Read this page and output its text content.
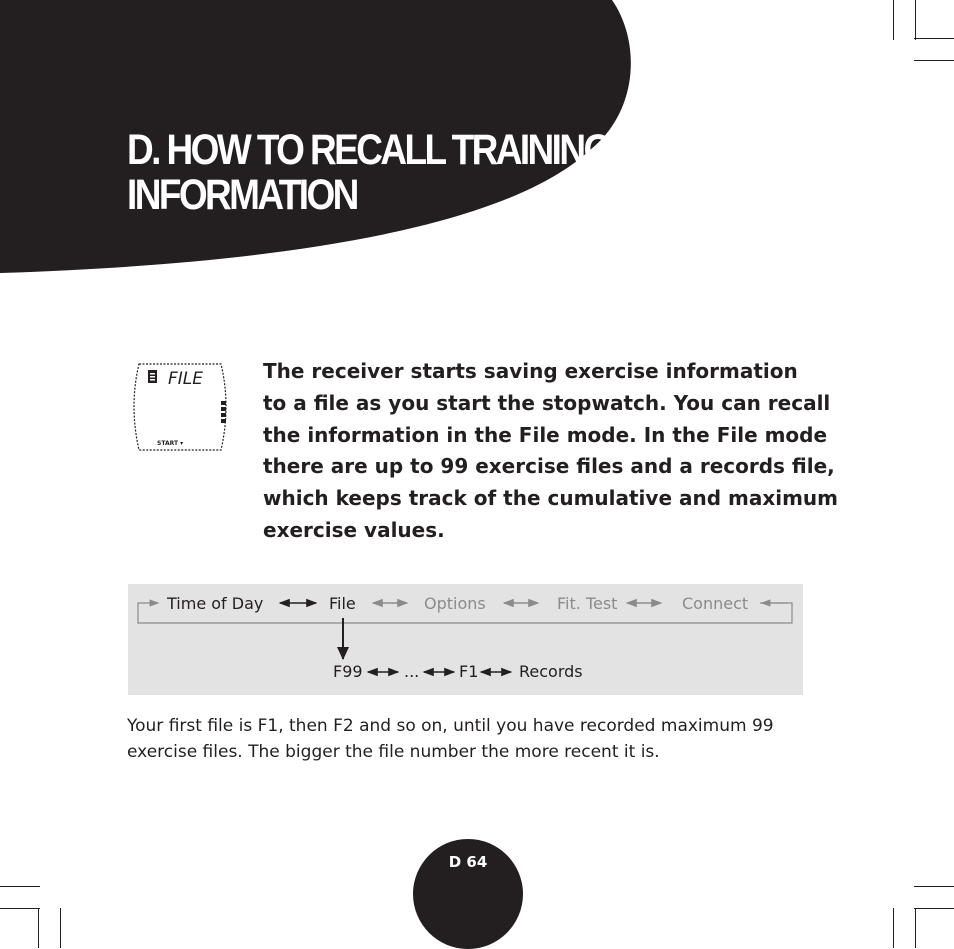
D. HOW TO RECALL TRAINING
INFORMATION
FILE
START ▾

The receiver starts saving exercise information
to a file as you start the stopwatch. You can recall
the information in the File mode. In the File mode
there are up to 99 exercise files and a records file,
which keeps track of the cumulative and maximum
exercise values.

Time of Day	File	Options	Fit. Test	Connect
F99	... F1	Records

Your first file is F1, then F2 and so on, until you have recorded maximum 99
exercise files. The bigger the file number the more recent it is.

D 64
